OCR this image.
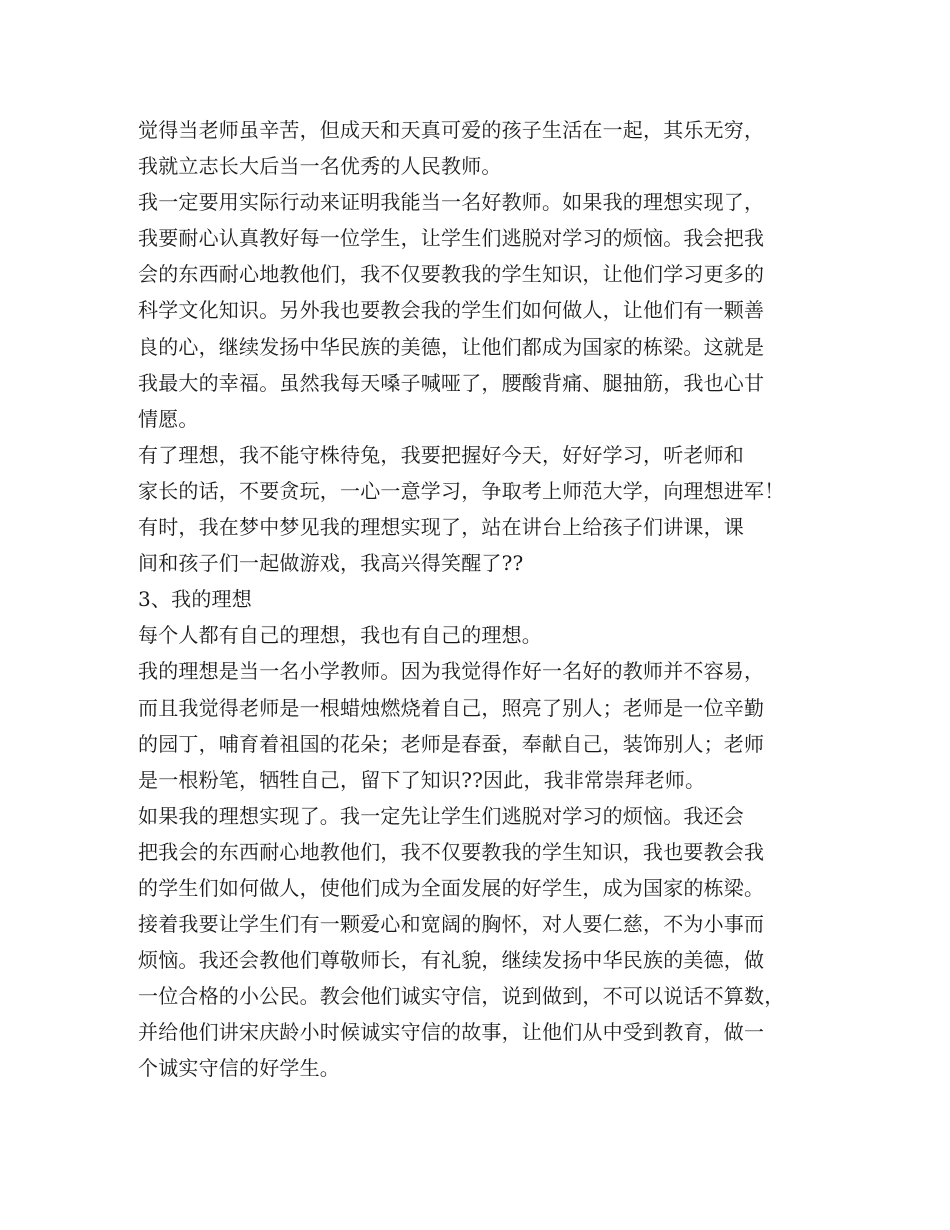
觉得当老师虽辛苦，但成天和天真可爱的孩子生活在一起，其乐无穷，
我就立志长大后当一名优秀的人民教师。
我一定要用实际行动来证明我能当一名好教师。如果我的理想实现了，
我要耐心认真教好每一位学生，让学生们逃脱对学习的烦恼。我会把我
会的东西耐心地教他们，我不仅要教我的学生知识，让他们学习更多的
科学文化知识。另外我也要教会我的学生们如何做人，让他们有一颗善
良的心，继续发扬中华民族的美德，让他们都成为国家的栋梁。这就是
我最大的幸福。虽然我每天嗓子喊哑了，腰酸背痛、腿抽筋，我也心甘
情愿。
有了理想，我不能守株待兔，我要把握好今天，好好学习，听老师和
家长的话，不要贪玩，一心一意学习，争取考上师范大学，向理想进军！
有时，我在梦中梦见我的理想实现了，站在讲台上给孩子们讲课，课
间和孩子们一起做游戏，我高兴得笑醒了??
3、我的理想
每个人都有自己的理想，我也有自己的理想。
我的理想是当一名小学教师。因为我觉得作好一名好的教师并不容易，
而且我觉得老师是一根蜡烛燃烧着自己，照亮了别人；老师是一位辛勤
的园丁，哺育着祖国的花朵；老师是春蚕，奉献自己，装饰别人；老师
是一根粉笔，牺牲自己，留下了知识??因此，我非常崇拜老师。
如果我的理想实现了。我一定先让学生们逃脱对学习的烦恼。我还会
把我会的东西耐心地教他们，我不仅要教我的学生知识，我也要教会我
的学生们如何做人，使他们成为全面发展的好学生，成为国家的栋梁。
接着我要让学生们有一颗爱心和宽阔的胸怀，对人要仁慈，不为小事而
烦恼。我还会教他们尊敬师长，有礼貌，继续发扬中华民族的美德，做
一位合格的小公民。教会他们诚实守信，说到做到，不可以说话不算数，
并给他们讲宋庆龄小时候诚实守信的故事，让他们从中受到教育，做一
个诚实守信的好学生。
